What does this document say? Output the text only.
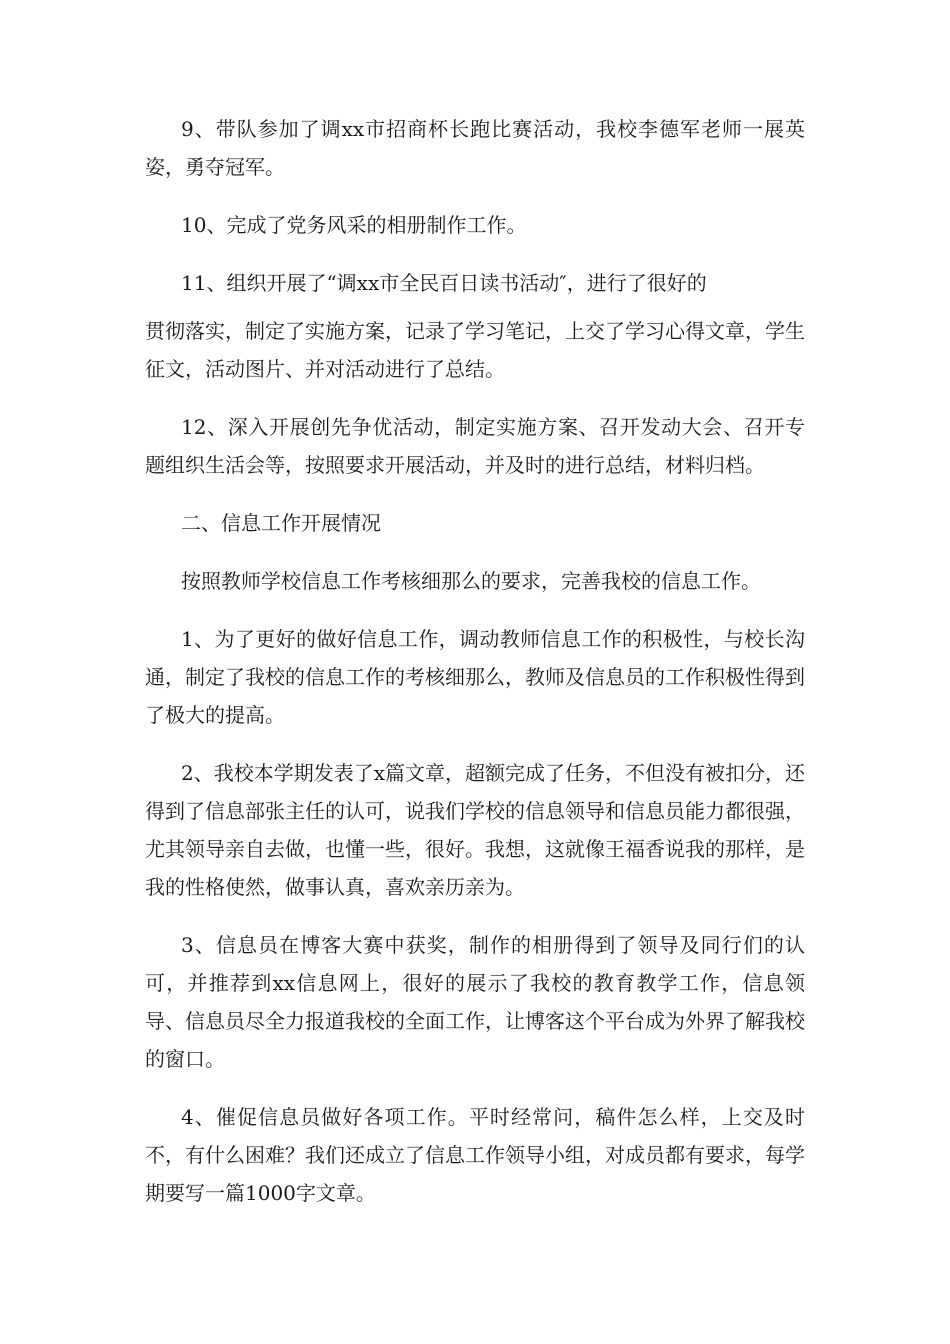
9、带队参加了调xx市招商杯长跑比赛活动，我校李德军老师一展英姿，勇夺冠军。

10、完成了党务风采的相册制作工作。

11、组织开展了“调xx市全民百日读书活动″，进行了很好的

贯彻落实，制定了实施方案，记录了学习笔记，上交了学习心得文章，学生征文，活动图片、并对活动进行了总结。

12、深入开展创先争优活动，制定实施方案、召开发动大会、召开专题组织生活会等，按照要求开展活动，并及时的进行总结，材料归档。

二、信息工作开展情况

按照教师学校信息工作考核细那么的要求，完善我校的信息工作。

1、为了更好的做好信息工作，调动教师信息工作的积极性，与校长沟通，制定了我校的信息工作的考核细那么，教师及信息员的工作积极性得到了极大的提高。

2、我校本学期发表了x篇文章，超额完成了任务，不但没有被扣分，还得到了信息部张主任的认可，说我们学校的信息领导和信息员能力都很强，尤其领导亲自去做，也懂一些，很好。我想，这就像王福香说我的那样，是我的性格使然，做事认真，喜欢亲历亲为。

3、信息员在博客大赛中获奖，制作的相册得到了领导及同行们的认可，并推荐到xx信息网上，很好的展示了我校的教育教学工作，信息领导、信息员尽全力报道我校的全面工作，让博客这个平台成为外界了解我校的窗口。

4、催促信息员做好各项工作。平时经常问，稿件怎么样，上交及时不，有什么困难？我们还成立了信息工作领导小组，对成员都有要求，每学期要写一篇1000字文章。
